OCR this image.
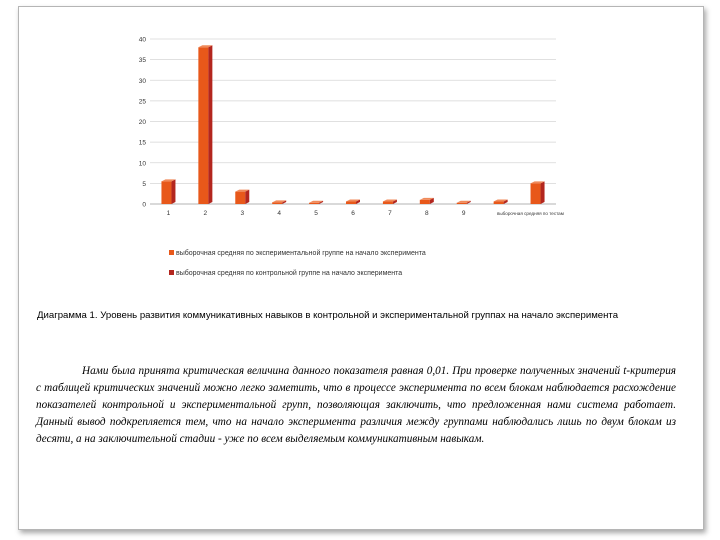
0
5
10
15
20
25
30
35
40
1	2	3	4	5	6	7	8	9	выборочная средняя по тестам
выборочная средняя по экспериментальной группе на начало эксперимента
выборочная средняя по контрольной группе на начало эксперимента
Диаграмма 1. Уровень развития коммуникативных навыков в контрольной и экспериментальной группах на начало эксперимента

Нами была принята критическая величина данного показателя равная 0,01. При проверке полученных значений t-критерия с таблицей критических значений можно легко заметить, что в процессе эксперимента по всем блокам наблюдается расхождение показателей контрольной и экспериментальной групп, позволяющая заключить, что предложенная нами система работает. Данный вывод подкрепляется тем, что на начало эксперимента различия между группами наблюдались лишь по двум блокам из десяти, а на заключительной стадии - уже по всем выделяемым коммуникативным навыкам.
